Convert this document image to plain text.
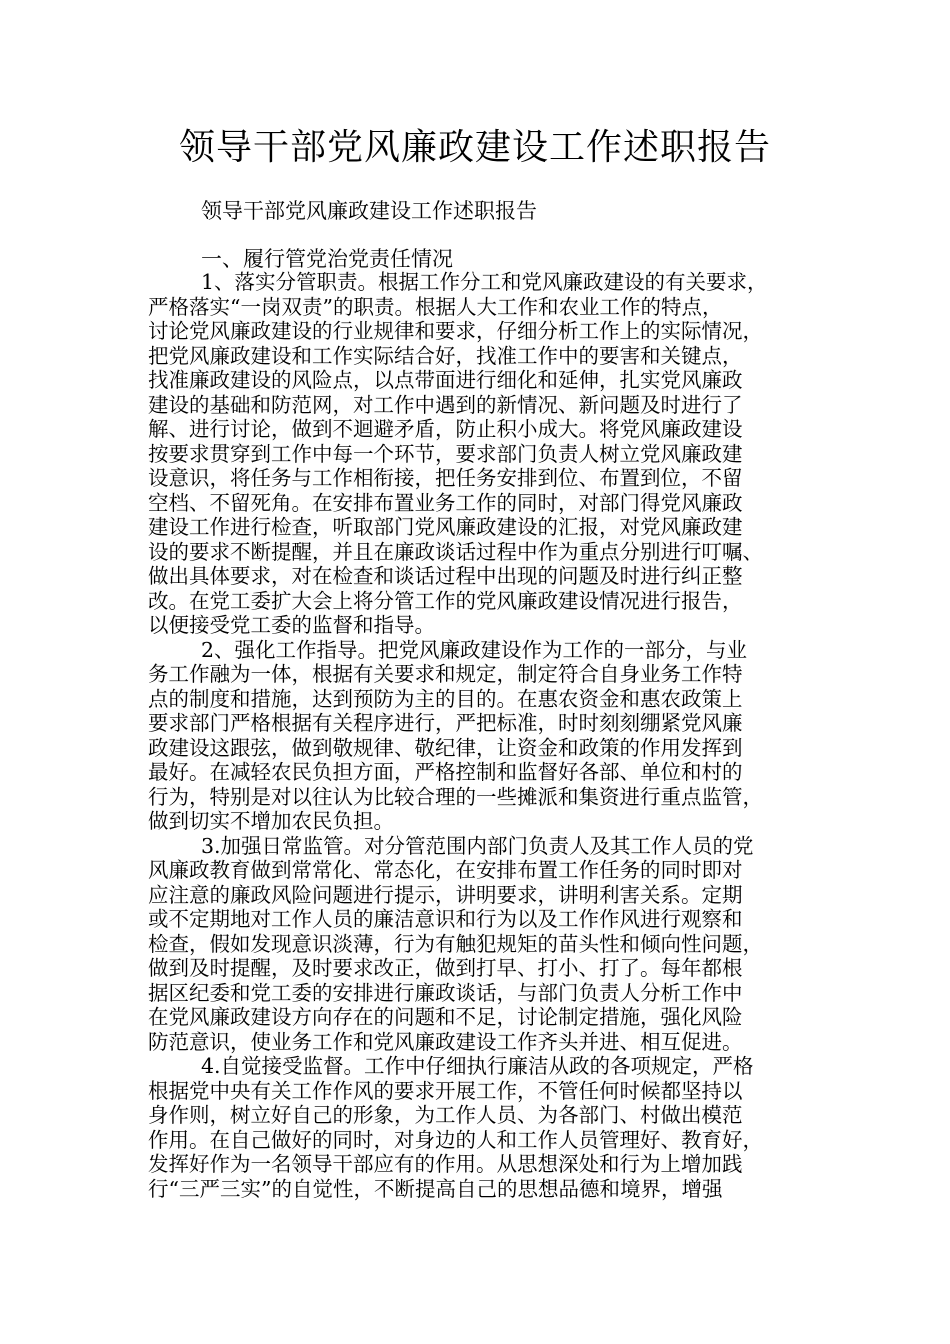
领导干部党风廉政建设工作述职报告
领导干部党风廉政建设工作述职报告
一、履行管党治党责任情况
1、落实分管职责。根据工作分工和党风廉政建设的有关要求，
严格落实“一岗双责”的职责。根据人大工作和农业工作的特点，
讨论党风廉政建设的行业规律和要求，仔细分析工作上的实际情况，
把党风廉政建设和工作实际结合好，找准工作中的要害和关键点，
找准廉政建设的风险点，以点带面进行细化和延伸，扎实党风廉政
建设的基础和防范网，对工作中遇到的新情况、新问题及时进行了
解、进行讨论，做到不迴避矛盾，防止积小成大。将党风廉政建设
按要求贯穿到工作中每一个环节，要求部门负责人树立党风廉政建
设意识，将任务与工作相衔接，把任务安排到位、布置到位，不留
空档、不留死角。在安排布置业务工作的同时，对部门得党风廉政
建设工作进行检查，听取部门党风廉政建设的汇报，对党风廉政建
设的要求不断提醒，并且在廉政谈话过程中作为重点分别进行叮嘱、
做出具体要求，对在检查和谈话过程中出现的问题及时进行纠正整
改。在党工委扩大会上将分管工作的党风廉政建设情况进行报告，
以便接受党工委的监督和指导。
2、强化工作指导。把党风廉政建设作为工作的一部分，与业
务工作融为一体，根据有关要求和规定，制定符合自身业务工作特
点的制度和措施，达到预防为主的目的。在惠农资金和惠农政策上
要求部门严格根据有关程序进行，严把标准，时时刻刻绷紧党风廉
政建设这跟弦，做到敬规律、敬纪律，让资金和政策的作用发挥到
最好。在减轻农民负担方面，严格控制和监督好各部、单位和村的
行为，特别是对以往认为比较合理的一些摊派和集资进行重点监管，
做到切实不增加农民负担。
3.加强日常监管。对分管范围内部门负责人及其工作人员的党
风廉政教育做到常常化、常态化，在安排布置工作任务的同时即对
应注意的廉政风险问题进行提示，讲明要求，讲明利害关系。定期
或不定期地对工作人员的廉洁意识和行为以及工作作风进行观察和
检查，假如发现意识淡薄，行为有触犯规矩的苗头性和倾向性问题，
做到及时提醒，及时要求改正，做到打早、打小、打了。每年都根
据区纪委和党工委的安排进行廉政谈话，与部门负责人分析工作中
在党风廉政建设方向存在的问题和不足，讨论制定措施，强化风险
防范意识，使业务工作和党风廉政建设工作齐头并进、相互促进。
4.自觉接受监督。工作中仔细执行廉洁从政的各项规定，严格
根据党中央有关工作作风的要求开展工作，不管任何时候都坚持以
身作则，树立好自己的形象，为工作人员、为各部门、村做出模范
作用。在自己做好的同时，对身边的人和工作人员管理好、教育好，
发挥好作为一名领导干部应有的作用。从思想深处和行为上增加践
行“三严三实”的自觉性，不断提高自己的思想品德和境界，增强
